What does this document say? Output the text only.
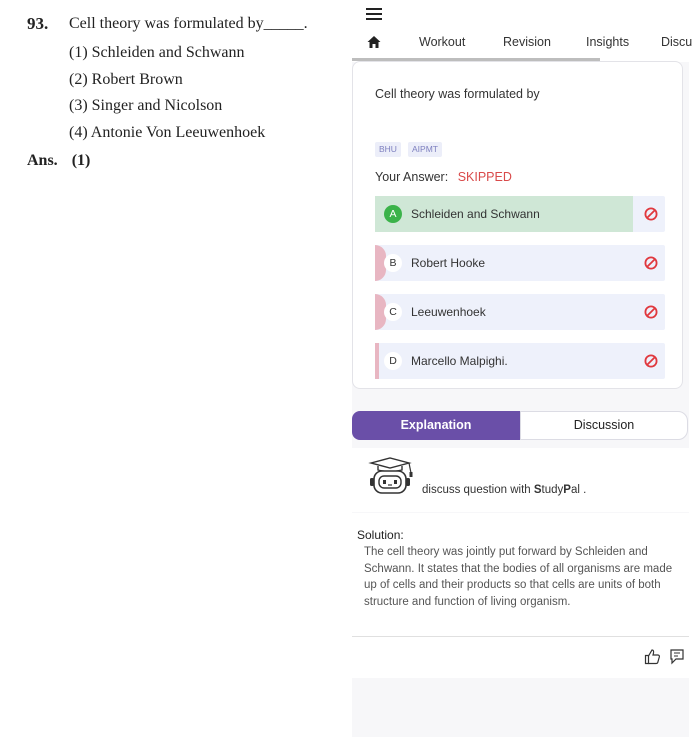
93. Cell theory was formulated by_____.
(1) Schleiden and Schwann
(2) Robert Brown
(3) Singer and Nicolson
(4) Antonie Von Leeuwenhoek
Ans. (1)
Workout	Revision	Insights	Discu
Cell theory was formulated by
BHU	AIPMT
Your Answer: SKIPPED
A	Schleiden and Schwann
B	Robert Hooke
C	Leeuwenhoek
D	Marcello Malpighi.
Explanation	Discussion
discuss question with StudyPal .
Solution:
The cell theory was jointly put forward by Schleiden and Schwann. It states that the bodies of all organisms are made up of cells and their products so that cells are units of both structure and function of living organism.
